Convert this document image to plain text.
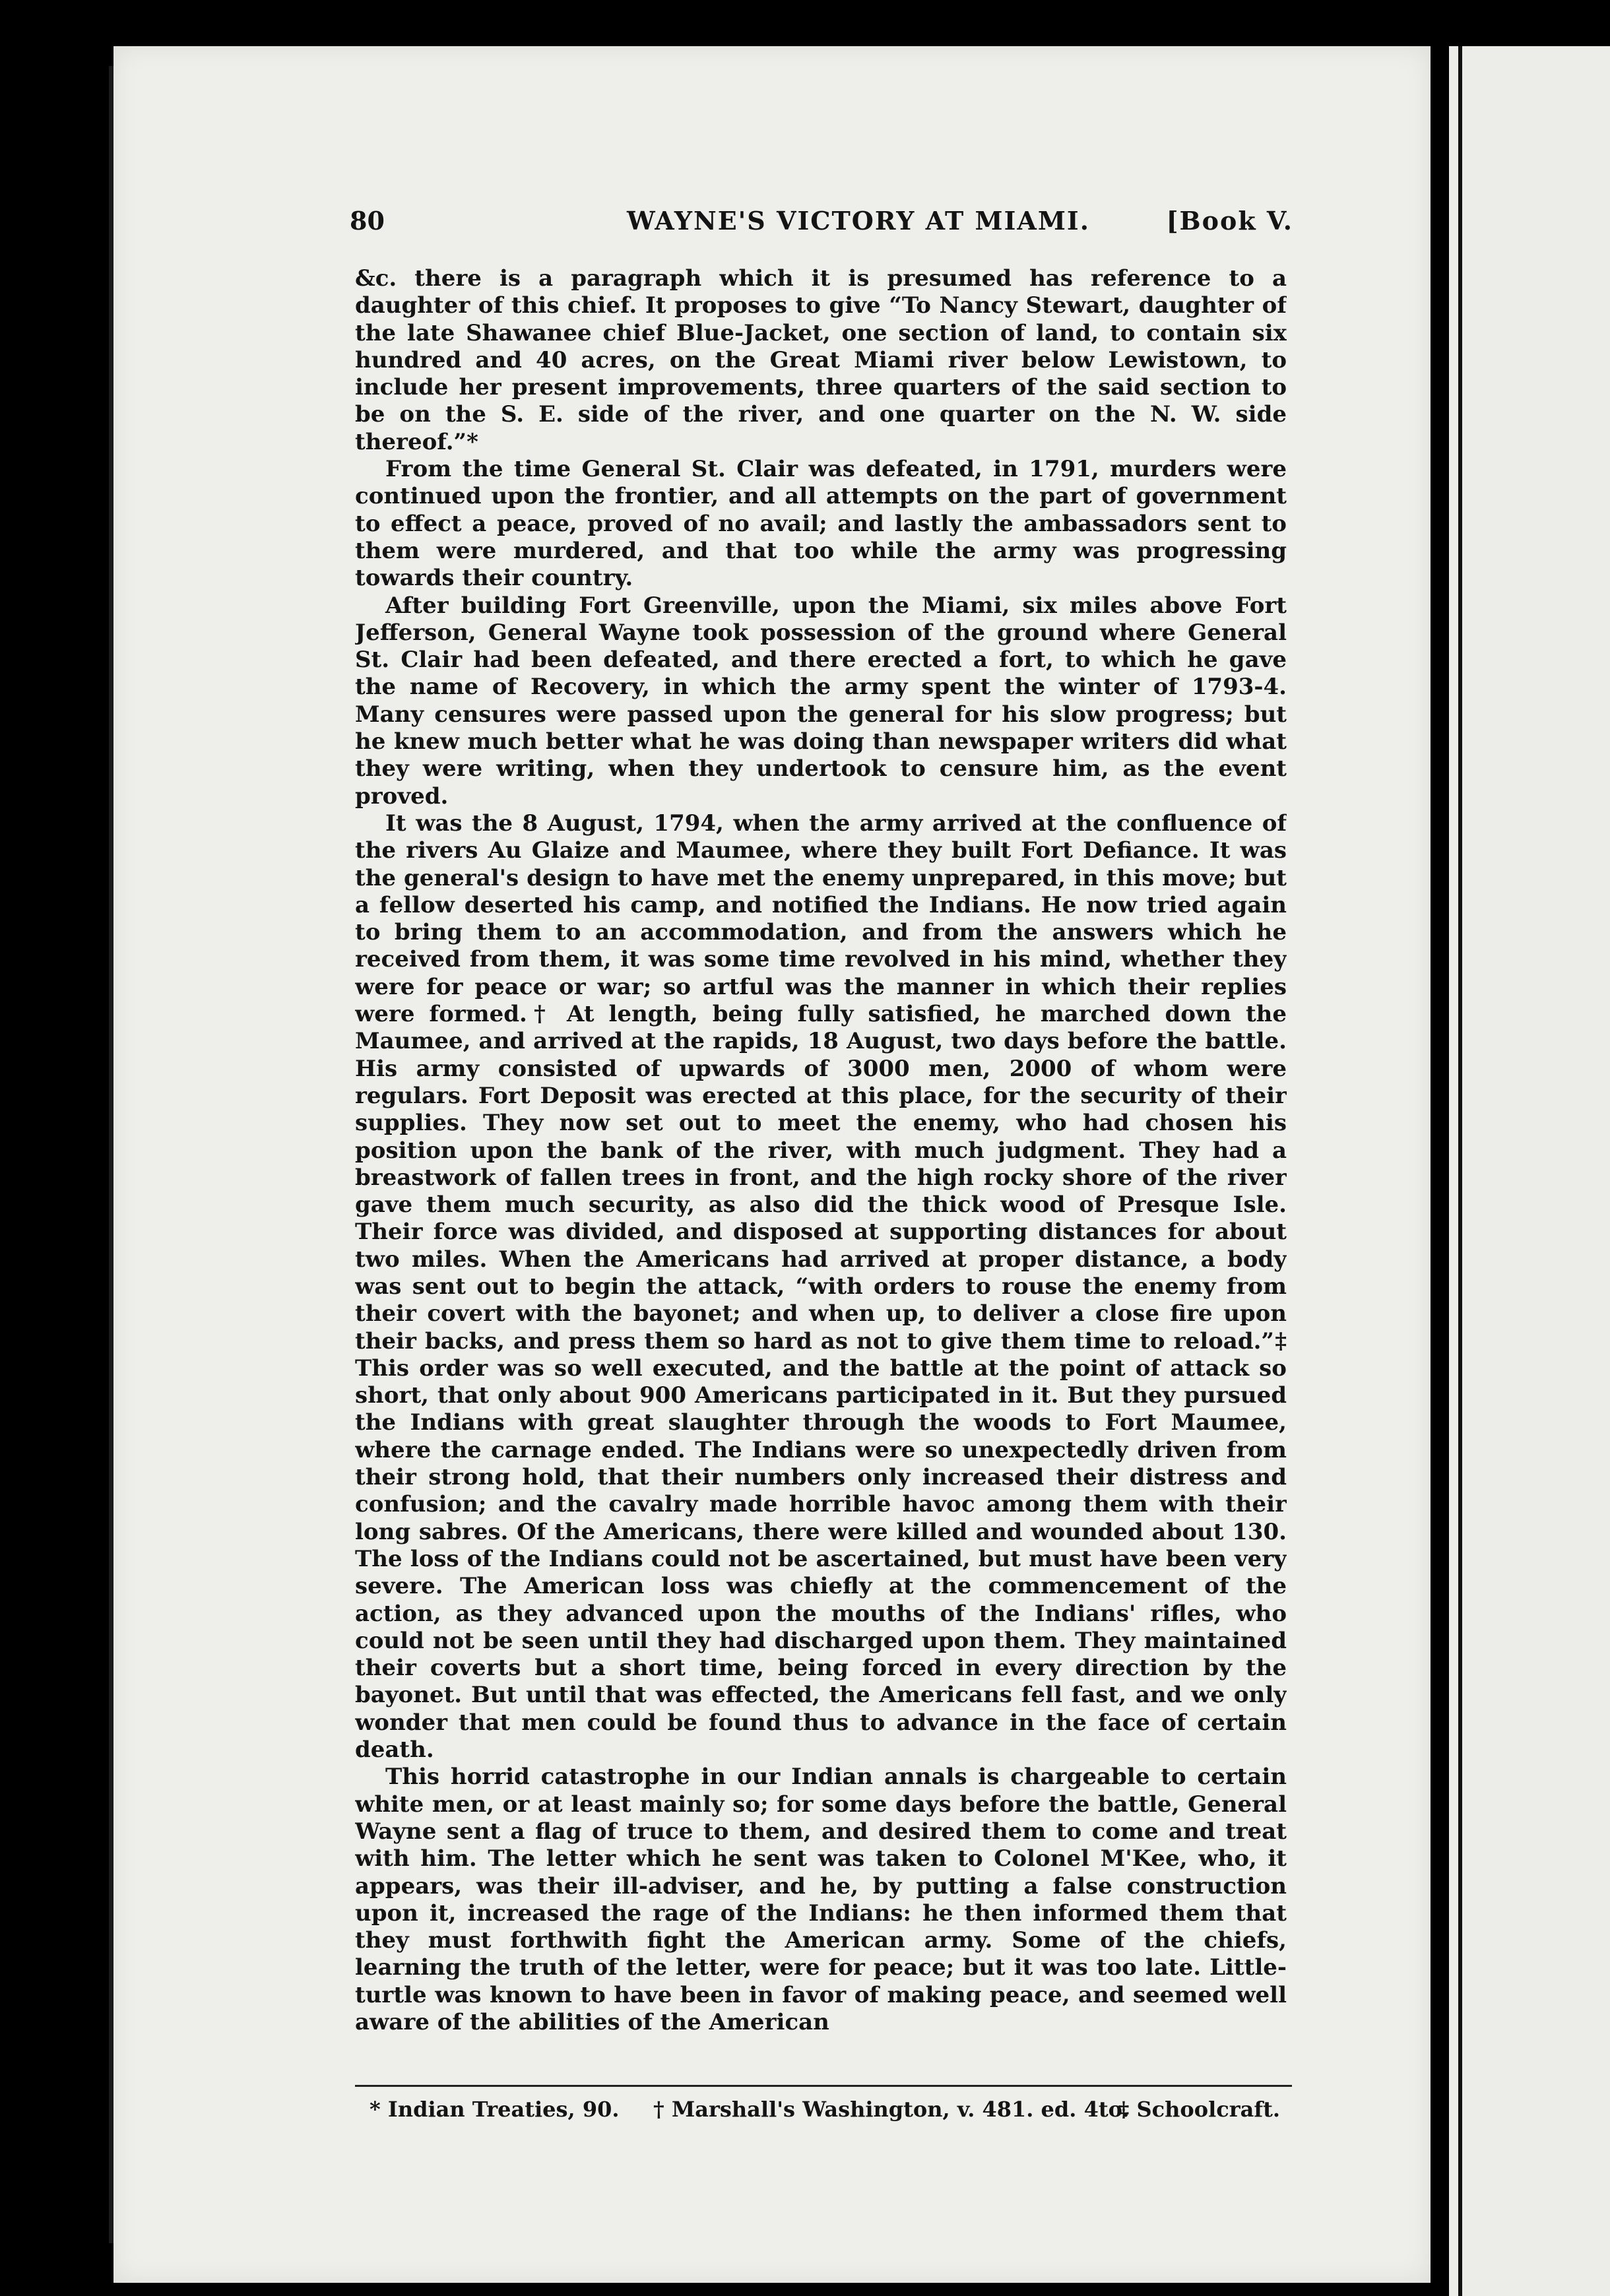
80	WAYNE'S VICTORY AT MIAMI.	[Book V.

&c. there is a paragraph which it is presumed has reference to a daughter of this chief. It proposes to give “To Nancy Stewart, daughter of the late Shawanee chief Blue-Jacket, one section of land, to contain six hundred and 40 acres, on the Great Miami river below Lewistown, to include her present improvements, three quarters of the said section to be on the S. E. side of the river, and one quarter on the N. W. side thereof.”*

From the time General St. Clair was defeated, in 1791, murders were continued upon the frontier, and all attempts on the part of government to effect a peace, proved of no avail; and lastly the ambassadors sent to them were murdered, and that too while the army was progressing towards their country.

After building Fort Greenville, upon the Miami, six miles above Fort Jefferson, General Wayne took possession of the ground where General St. Clair had been defeated, and there erected a fort, to which he gave the name of Recovery, in which the army spent the winter of 1793-4. Many censures were passed upon the general for his slow progress; but he knew much better what he was doing than newspaper writers did what they were writing, when they undertook to censure him, as the event proved.

It was the 8 August, 1794, when the army arrived at the confluence of the rivers Au Glaize and Maumee, where they built Fort Defiance. It was the general's design to have met the enemy unprepared, in this move; but a fellow deserted his camp, and notified the Indians. He now tried again to bring them to an accommodation, and from the answers which he received from them, it was some time revolved in his mind, whether they were for peace or war; so artful was the manner in which their replies were formed.† At length, being fully satisfied, he marched down the Maumee, and arrived at the rapids, 18 August, two days before the battle. His army consisted of upwards of 3000 men, 2000 of whom were regulars. Fort Deposit was erected at this place, for the security of their supplies. They now set out to meet the enemy, who had chosen his position upon the bank of the river, with much judgment. They had a breastwork of fallen trees in front, and the high rocky shore of the river gave them much security, as also did the thick wood of Presque Isle. Their force was divided, and disposed at supporting distances for about two miles. When the Americans had arrived at proper distance, a body was sent out to begin the attack, “with orders to rouse the enemy from their covert with the bayonet; and when up, to deliver a close fire upon their backs, and press them so hard as not to give them time to reload.”‡ This order was so well executed, and the battle at the point of attack so short, that only about 900 Americans participated in it. But they pursued the Indians with great slaughter through the woods to Fort Maumee, where the carnage ended. The Indians were so unexpectedly driven from their strong hold, that their numbers only increased their distress and confusion; and the cavalry made horrible havoc among them with their long sabres. Of the Americans, there were killed and wounded about 130. The loss of the Indians could not be ascertained, but must have been very severe. The American loss was chiefly at the commencement of the action, as they advanced upon the mouths of the Indians' rifles, who could not be seen until they had discharged upon them. They maintained their coverts but a short time, being forced in every direction by the bayonet. But until that was effected, the Americans fell fast, and we only wonder that men could be found thus to advance in the face of certain death.

This horrid catastrophe in our Indian annals is chargeable to certain white men, or at least mainly so; for some days before the battle, General Wayne sent a flag of truce to them, and desired them to come and treat with him. The letter which he sent was taken to Colonel M'Kee, who, it appears, was their ill-adviser, and he, by putting a false construction upon it, increased the rage of the Indians: he then informed them that they must forthwith fight the American army. Some of the chiefs, learning the truth of the letter, were for peace; but it was too late. Little-turtle was known to have been in favor of making peace, and seemed well aware of the abilities of the American

* Indian Treaties, 90. † Marshall's Washington, v. 481. ed. 4to.
‡ Schoolcraft.
